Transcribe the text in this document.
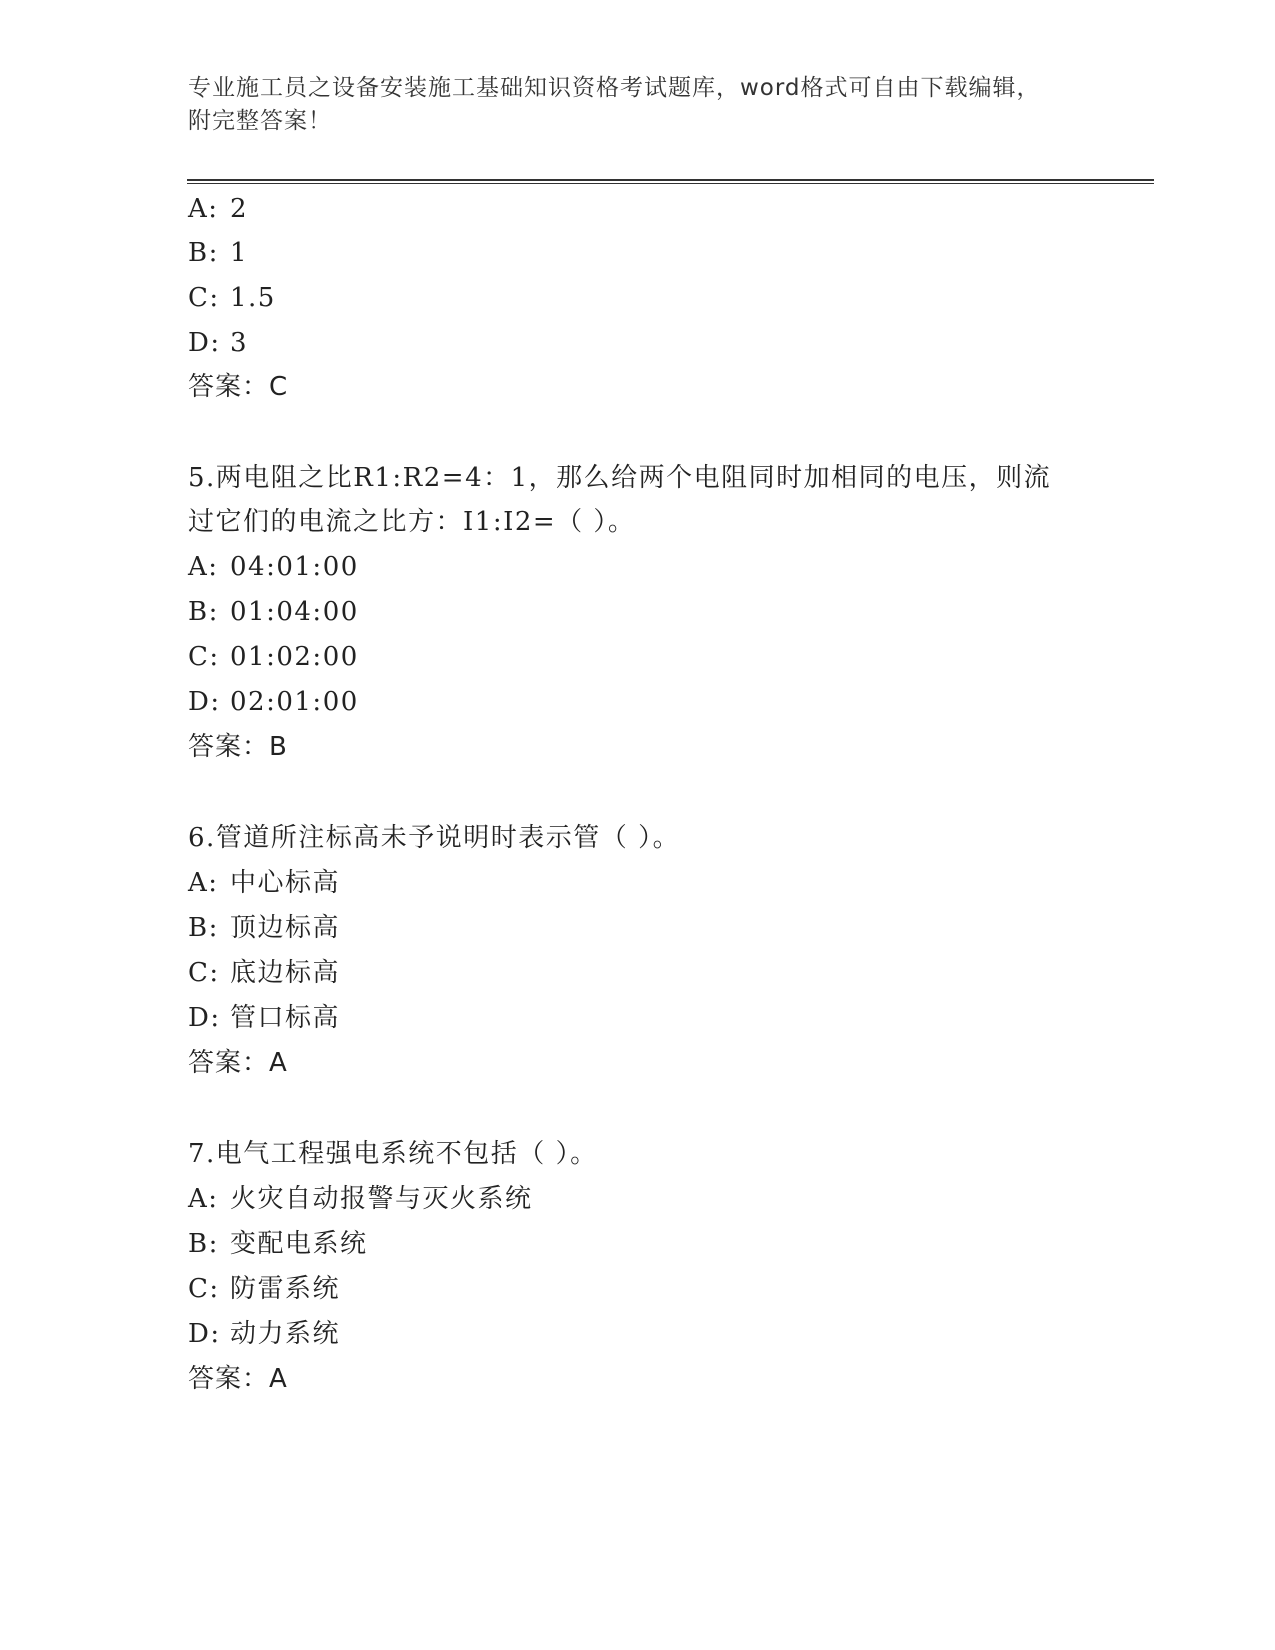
专业施工员之设备安装施工基础知识资格考试题库，word格式可自由下载编辑，
附完整答案！
A: 2
B: 1
C: 1.5
D: 3
答案：C
5.两电阻之比R1:R2=4：1，那么给两个电阻同时加相同的电压，则流
过它们的电流之比方：I1:I2=（ ）。
A: 04:01:00
B: 01:04:00
C: 01:02:00
D: 02:01:00
答案：B
6.管道所注标高未予说明时表示管（ ）。
A: 中心标高
B: 顶边标高
C: 底边标高
D: 管口标高
答案：A
7.电气工程强电系统不包括（ ）。
A: 火灾自动报警与灭火系统
B: 变配电系统
C: 防雷系统
D: 动力系统
答案：A
